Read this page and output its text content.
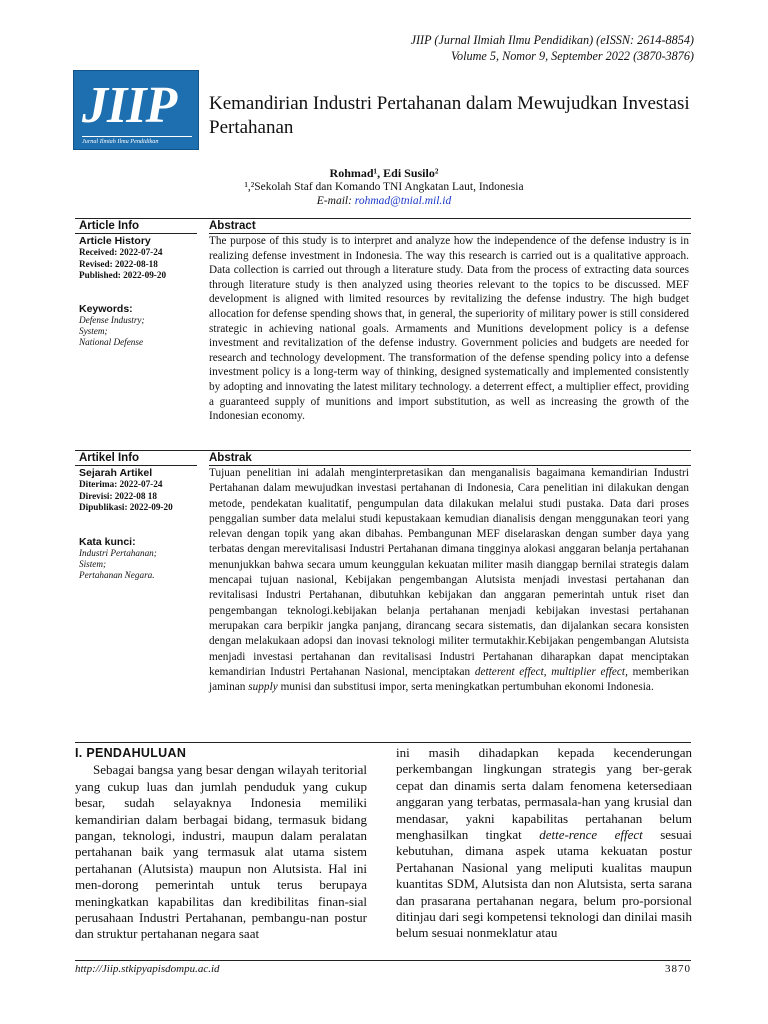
JIIP (Jurnal Ilmiah Ilmu Pendidikan) (eISSN: 2614-8854)
Volume 5, Nomor 9, September 2022 (3870-3876)
JIIP
Jurnal Ilmiah Ilmu Pendidikan
Kemandirian Industri Pertahanan dalam Mewujudkan Investasi Pertahanan
Rohmad¹, Edi Susilo²
¹,²Sekolah Staf dan Komando TNI Angkatan Laut, Indonesia
E-mail: rohmad@tnial.mil.id
Article Info	Abstract
Article History
Received: 2022-07-24
Revised: 2022-08-18
Published: 2022-09-20
Keywords:
Defense Industry;
System;
National Defense
The purpose of this study is to interpret and analyze how the independence of the defense industry is in realizing defense investment in Indonesia. The way this research is carried out is a qualitative approach. Data collection is carried out through a literature study. Data from the process of extracting data sources through literature study is then analyzed using theories relevant to the topics to be discussed. MEF development is aligned with limited resources by revitalizing the defense industry. The high budget allocation for defense spending shows that, in general, the superiority of military power is still considered strategic in achieving national goals. Armaments and Munitions development policy is a defense investment and revitalization of the defense industry. Government policies and budgets are needed for research and technology development. The transformation of the defense spending policy into a defense investment policy is a long-term way of thinking, designed systematically and implemented consistently by adopting and innovating the latest military technology. a deterrent effect, a multiplier effect, providing a guaranteed supply of munitions and import substitution, as well as increasing the growth of the Indonesian economy.
Artikel Info	Abstrak
Sejarah Artikel
Diterima: 2022-07-24
Direvisi: 2022-08 18
Dipublikasi: 2022-09-20
Kata kunci:
Industri Pertahanan;
Sistem;
Pertahanan Negara.
Tujuan penelitian ini adalah menginterpretasikan dan menganalisis bagaimana kemandirian Industri Pertahanan dalam mewujudkan investasi pertahanan di Indonesia, Cara penelitian ini dilakukan dengan metode, pendekatan kualitatif, pengumpulan data dilakukan melalui studi pustaka. Data dari proses penggalian sumber data melalui studi kepustakaan kemudian dianalisis dengan menggunakan teori yang relevan dengan topik yang akan dibahas. Pembangunan MEF diselaraskan dengan sumber daya yang terbatas dengan merevitalisasi Industri Pertahanan dimana tingginya alokasi anggaran belanja pertahanan menunjukkan bahwa secara umum keunggulan kekuatan militer masih dianggap bernilai strategis dalam mencapai tujuan nasional, Kebijakan pengembangan Alutsista menjadi investasi pertahanan dan revitalisasi Industri Pertahanan, dibutuhkan kebijakan dan anggaran pemerintah untuk riset dan pengembangan teknologi.kebijakan belanja pertahanan menjadi kebijakan investasi pertahanan merupakan cara berpikir jangka panjang, dirancang secara sistematis, dan dijalankan secara konsisten dengan melakukaan adopsi dan inovasi teknologi militer termutakhir.Kebijakan pengembangan Alutsista menjadi investasi pertahanan dan revitalisasi Industri Pertahanan diharapkan dapat menciptakan kemandirian Industri Pertahanan Nasional, menciptakan detterent effect, multiplier effect, memberikan jaminan supply munisi dan substitusi impor, serta meningkatkan pertumbuhan ekonomi Indonesia.
I. PENDAHULUAN
Sebagai bangsa yang besar dengan wilayah teritorial yang cukup luas dan jumlah penduduk yang cukup besar, sudah selayaknya Indonesia memiliki kemandirian dalam berbagai bidang, termasuk bidang pangan, teknologi, industri, maupun dalam peralatan pertahanan baik yang termasuk alat utama sistem pertahanan (Alutsista) maupun non Alutsista. Hal ini men-dorong pemerintah untuk terus berupaya meningkatkan kapabilitas dan kredibilitas finan-sial perusahaan Industri Pertahanan, pembangu-nan postur dan struktur pertahanan negara saat
ini masih dihadapkan kepada kecenderungan perkembangan lingkungan strategis yang ber-gerak cepat dan dinamis serta dalam fenomena ketersediaan anggaran yang terbatas, permasala-han yang krusial dan mendasar, yakni kapabilitas pertahanan belum menghasilkan tingkat dette-rence effect sesuai kebutuhan, dimana aspek utama kekuatan postur Pertahanan Nasional yang meliputi kualitas maupun kuantitas SDM, Alutsista dan non Alutsista, serta sarana dan prasarana pertahanan negara, belum pro-porsional ditinjau dari segi kompetensi teknologi dan dinilai masih belum sesuai nonmeklatur atau
http://Jiip.stkipyapisdompu.ac.id	3870
